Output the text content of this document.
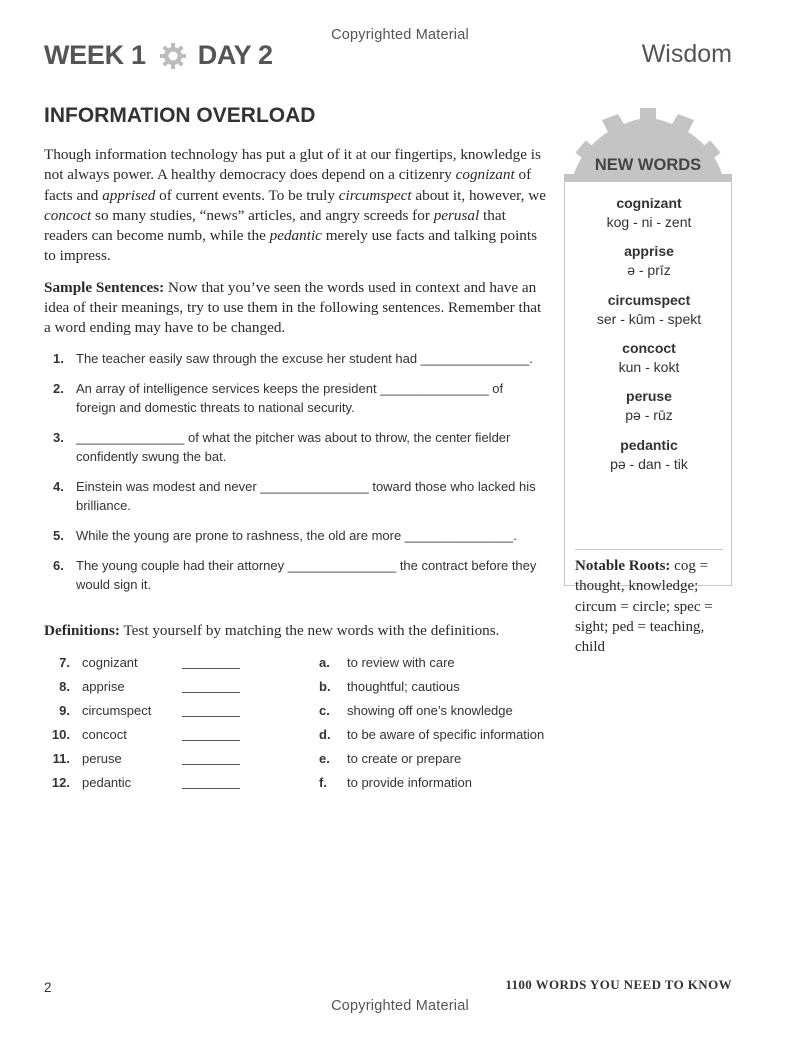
Copyrighted Material
WEEK 1 DAY 2	Wisdom
INFORMATION OVERLOAD

Though information technology has put a glut of it at our fingertips, knowledge is not always power. A healthy democracy does depend on a citizenry cognizant of facts and apprised of current events. To be truly circumspect about it, however, we concoct so many studies, “news” articles, and angry screeds for perusal that readers can become numb, while the pedantic merely use facts and talking points to impress.

Sample Sentences: Now that you’ve seen the words used in context and have an idea of their meanings, try to use them in the following sentences. Remember that a word ending may have to be changed.

1. The teacher easily saw through the excuse her student had _______________.
2. An array of intelligence services keeps the president _______________ of foreign and domestic threats to national security.
3. _______________ of what the pitcher was about to throw, the center fielder confidently swung the bat.
4. Einstein was modest and never _______________ toward those who lacked his brilliance.
5. While the young are prone to rashness, the old are more _______________.
6. The young couple had their attorney _______________ the contract before they would sign it.
Definitions: Test yourself by matching the new words with the definitions.
7. cognizant	a. to review with care
8. apprise	b. thoughtful; cautious
9. circumspect	c. showing off one’s knowledge
10. concoct	d. to be aware of specific information
11. peruse	e. to create or prepare
12. pedantic	f. to provide information
NEW WORDS
Notable Roots: cog = thought, knowledge; circum = circle; spec = sight; ped = teaching, child
cognizant
kog - ni - zent
apprise
ə - prīz
circumspect
ser - kûm - spekt
concoct
kun - kokt
peruse
pə - rūz
pedantic
pə - dan - tik
2	1100 WORDS YOU NEED TO KNOW
Copyrighted Material
